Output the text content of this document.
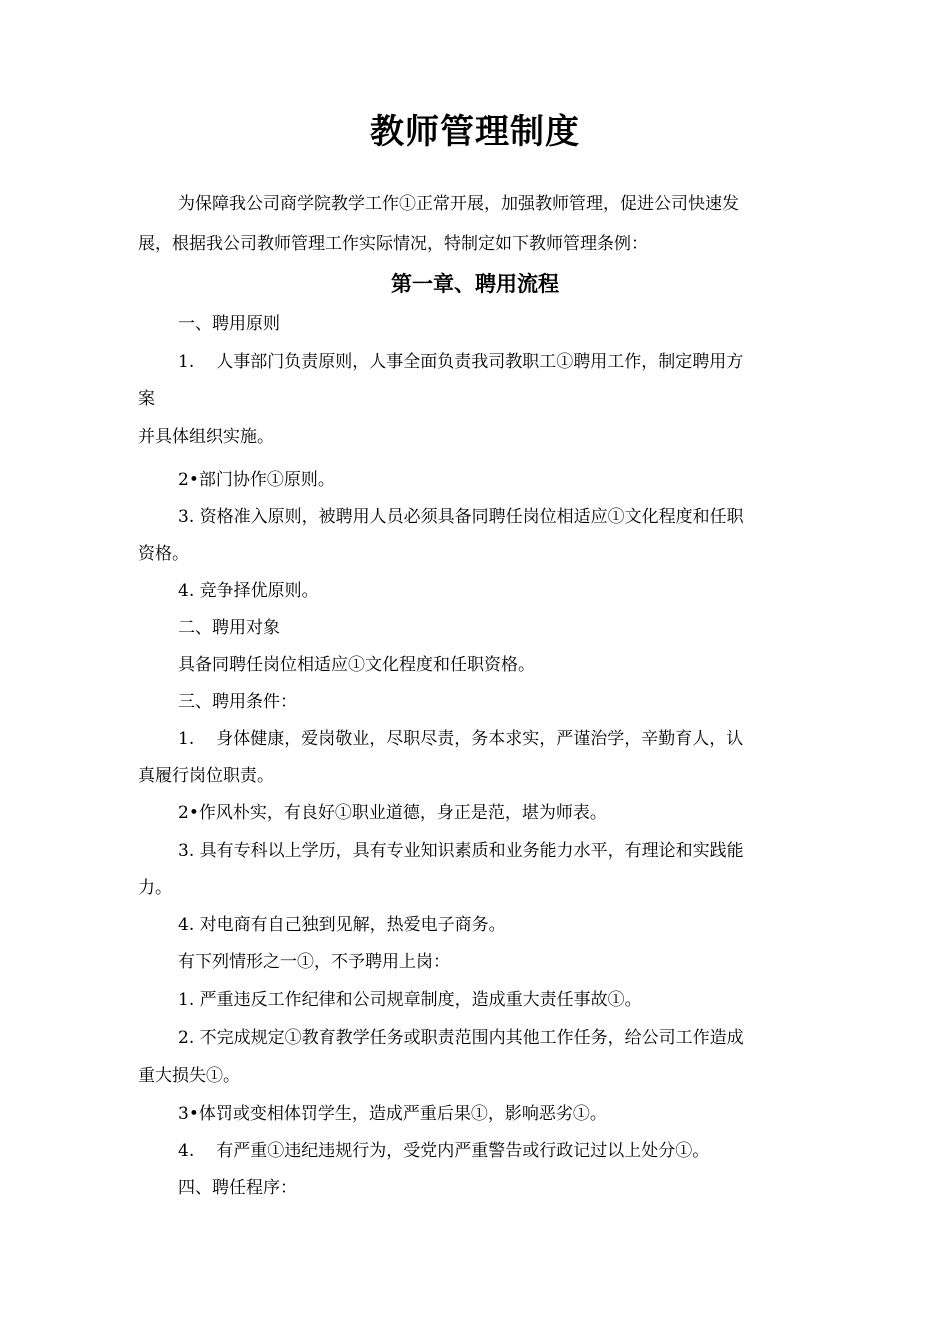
教师管理制度
为保障我公司商学院教学工作①正常开展，加强教师管理，促进公司快速发
展，根据我公司教师管理工作实际情况，特制定如下教师管理条例：
第一章、聘用流程
一、聘用原则
1. 人事部门负责原则，人事全面负责我司教职工①聘用工作，制定聘用方
案
并具体组织实施。
2•部门协作①原则。
3. 资格准入原则，被聘用人员必须具备同聘任岗位相适应①文化程度和任职
资格。
4. 竞争择优原则。
二、聘用对象
具备同聘任岗位相适应①文化程度和任职资格。
三、聘用条件：
1. 身体健康，爱岗敬业，尽职尽责，务本求实，严谨治学，辛勤育人，认
真履行岗位职责。
2•作风朴实，有良好①职业道德，身正是范，堪为师表。
3. 具有专科以上学历，具有专业知识素质和业务能力水平，有理论和实践能
力。
4. 对电商有自己独到见解，热爱电子商务。
有下列情形之一①，不予聘用上岗：
1. 严重违反工作纪律和公司规章制度，造成重大责任事故①。
2. 不完成规定①教育教学任务或职责范围内其他工作任务，给公司工作造成
重大损失①。
3•体罚或变相体罚学生，造成严重后果①，影响恶劣①。
4. 有严重①违纪违规行为，受党内严重警告或行政记过以上处分①。
四、聘任程序：
